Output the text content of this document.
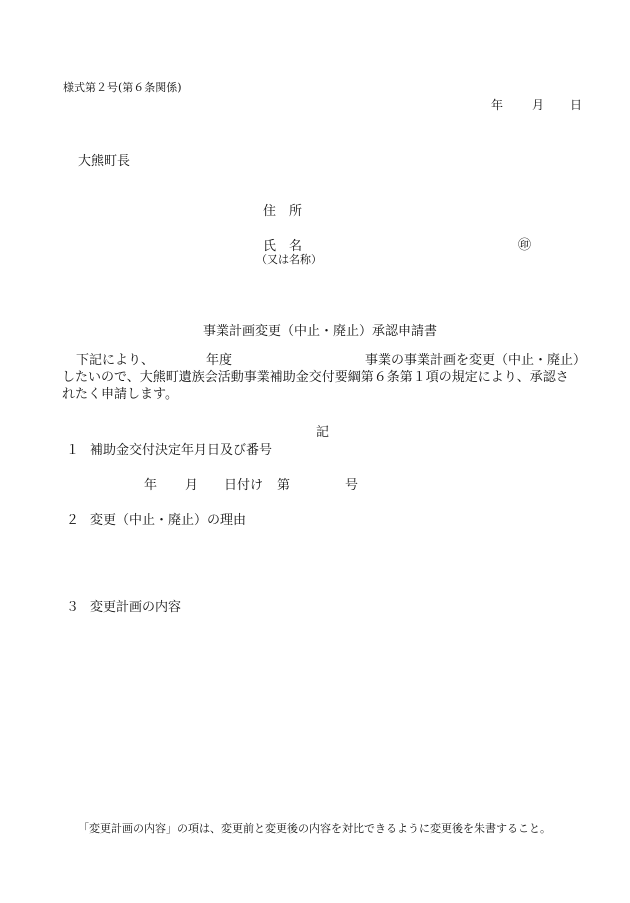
様式第２号(第６条関係)
年 月 日
大熊町長
住　所
氏　名	㊞
（又は名称）
事業計画変更（中止・廃止）承認申請書
下記により、	年度	事業の事業計画を変更（中止・廃止）
したいので、大熊町遺族会活動事業補助金交付要綱第６条第１項の規定により、承認さ
れたく申請します。
記
１ 補助金交付決定年月日及び番号
年 月 日付け 第	号
２ 変更（中止・廃止）の理由
３ 変更計画の内容
「変更計画の内容」の項は、変更前と変更後の内容を対比できるように変更後を朱書すること。
